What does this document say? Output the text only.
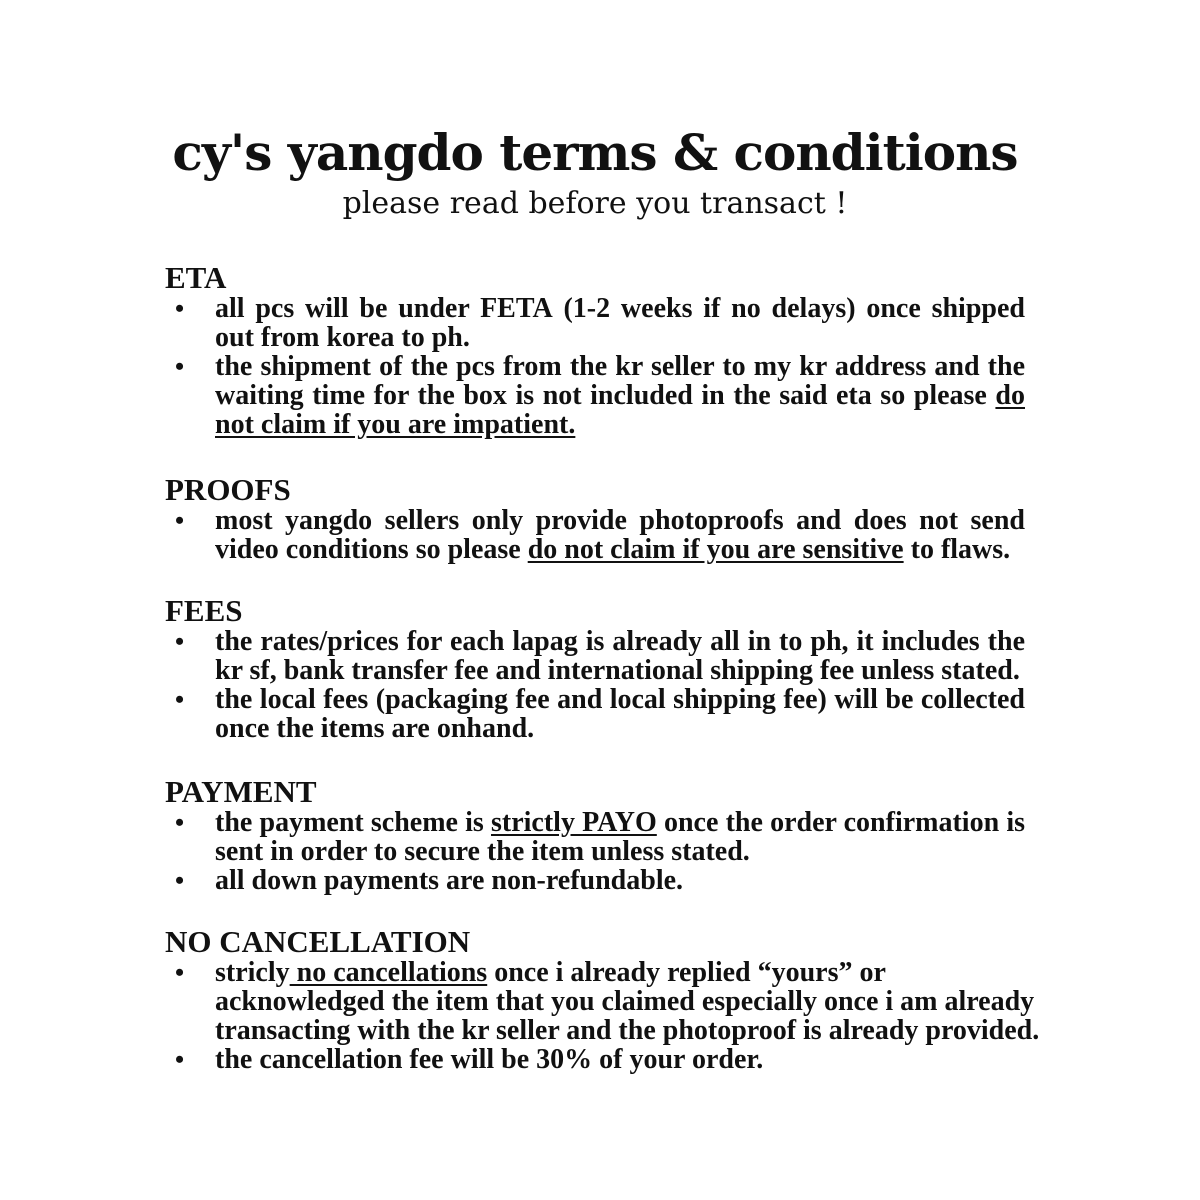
cy's yangdo terms & conditions

please read before you transact !

ETA
• all pcs will be under FETA (1-2 weeks if no delays) once shipped out from korea to ph.
• the shipment of the pcs from the kr seller to my kr address and the waiting time for the box is not included in the said eta so please do not claim if you are impatient.
PROOFS
• most yangdo sellers only provide photoproofs and does not send video conditions so please do not claim if you are sensitive to flaws.
FEES
• the rates/prices for each lapag is already all in to ph, it includes the kr sf, bank transfer fee and international shipping fee unless stated.
• the local fees (packaging fee and local shipping fee) will be collected once the items are onhand.
PAYMENT
• the payment scheme is strictly PAYO once the order confirmation is sent in order to secure the item unless stated.
• all down payments are non-refundable.
NO CANCELLATION
• stricly no cancellations once i already replied “yours” or acknowledged the item that you claimed especially once i am already transacting with the kr seller and the photoproof is already provided.
• the cancellation fee will be 30% of your order.
